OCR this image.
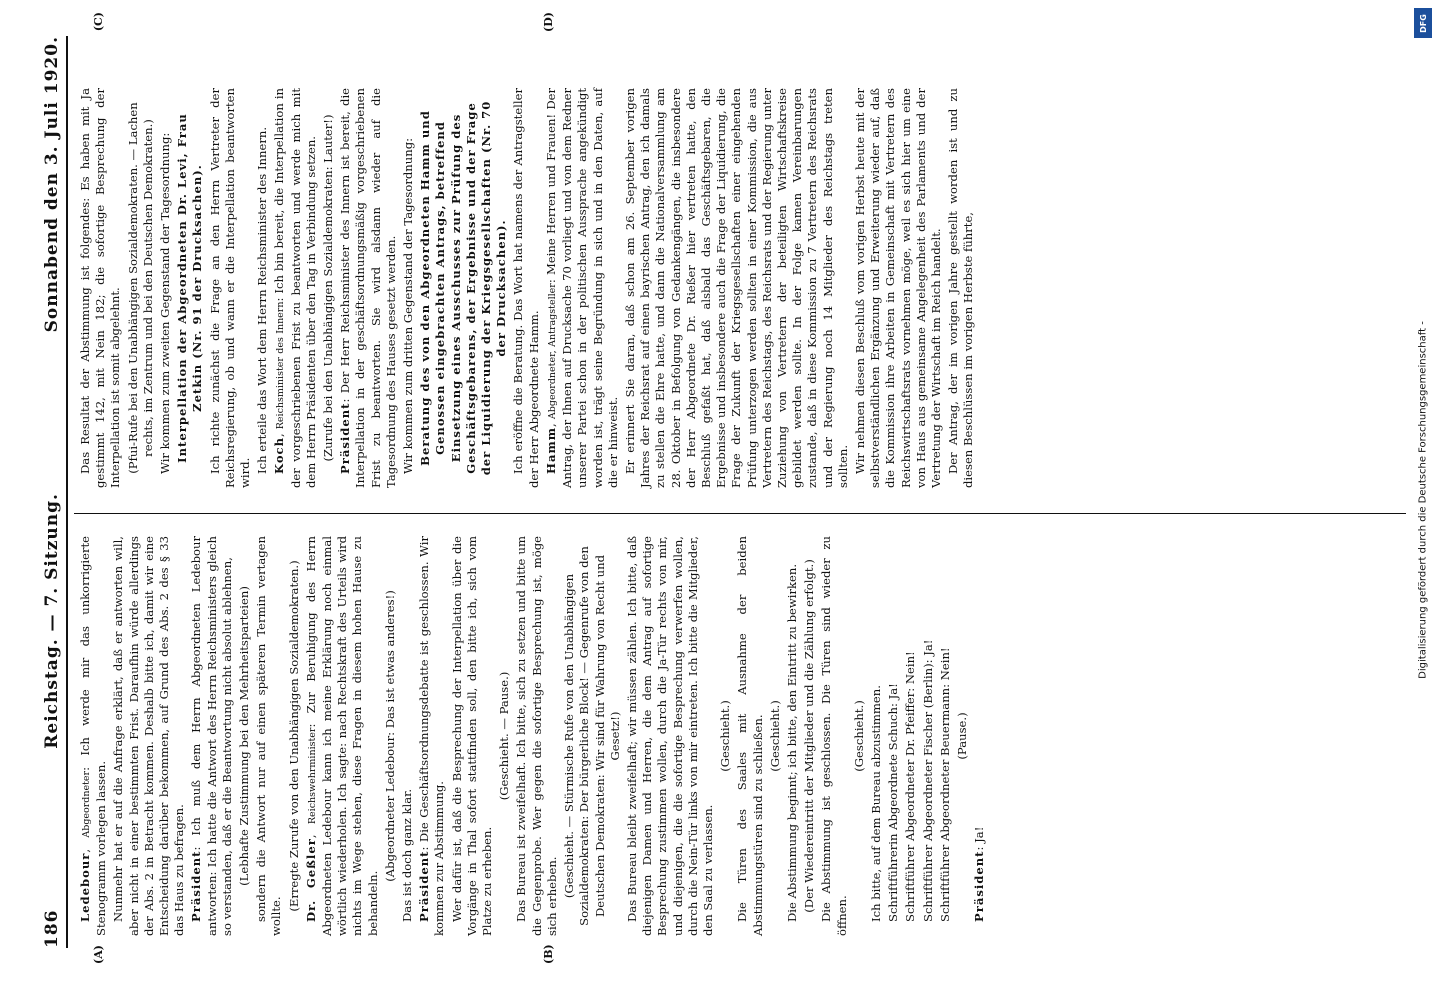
186
Reichstag. — 7. Sitzung.
Sonnabend den 3. Juli 1920.
(A)	(B)
(C)	(D)

Ledebour, Abgeordneter: Ich werde mir das unkorrigierte Stenogramm vorlegen lassen. Nunmehr hat er auf die Anfrage erklärt, daß er antworten will, aber nicht in einer bestimmten Frist. Daraufhin würde allerdings der Abs. 2 in Betracht kommen. Deshalb bitte ich, damit wir eine Entscheidung darüber bekommen, auf Grund des Abs. 2 des § 33 das Haus zu befragen. Präsident: Ich muß dem Herrn Abgeordneten Ledebour antworten: Ich hatte die Antwort des Herrn Reichsministers gleich so verstanden, daß er die Beantwortung nicht absolut ablehnen, (Lebhafte Zustimmung bei den Mehrheitsparteien) sondern die Antwort nur auf einen späteren Termin vertagen wollte.

(Erregte Zurufe von den Unabhängigen Sozialdemokraten.) Dr. Geßler, Reichswehrminister: Zur Beruhigung des Herrn Abgeordneten Ledebour kann ich meine Erklärung noch einmal wörtlich wiederholen. Ich sagte: nach Rechtskraft des Urteils wird nichts im Wege stehen, diese Fragen in diesem hohen Hause zu behandeln.

(Abgeordneter Ledebour: Das ist etwas anderes!) Das ist doch ganz klar. Präsident: Die Geschäftsordnungsdebatte ist geschlossen. Wir kommen zur Abstimmung. Wer dafür ist, daß die Besprechung der Interpellation über die Vorgänge in Thal sofort stattfinden soll, den bitte ich, sich vom Platze zu erheben.

(Geschieht. — Pause.) Das Bureau ist zweifelhaft. Ich bitte, sich zu setzen und bitte um die Gegenprobe. Wer gegen die sofortige Besprechung ist, möge sich erheben. (Geschieht. — Stürmische Rufe von den Unabhängigen Sozialdemokraten: Der bürgerliche Block! — Gegenrufe von den Deutschen Demokraten: Wir sind für Wahrung von Recht und Gesetz!) Das Bureau bleibt zweifelhaft; wir müssen zählen. Ich bitte, daß diejenigen Damen und Herren, die dem Antrag auf sofortige Besprechung zustimmen wollen, durch die Ja-Tür rechts von mir, und diejenigen, die die sofortige Besprechung verwerfen wollen, durch die Nein-Tür links von mir eintreten. Ich bitte die Mitglieder, den Saal zu verlassen.

(Geschieht.) Die Türen des Saales mit Ausnahme der beiden Abstimmungstüren sind zu schließen. (Geschieht.) Die Abstimmung beginnt; ich bitte, den Eintritt zu bewirken. (Der Wiedereintritt der Mitglieder und die Zählung erfolgt.) Die Abstimmung ist geschlossen. Die Türen sind wieder zu öffnen.

(Geschieht.) Ich bitte, auf dem Bureau abzustimmen. Schriftführerin Abgeordnete Schuch: Ja! Schriftführer Abgeordneter Dr. Pfeiffer: Nein! Schriftführer Abgeordneter Fischer (Berlin): Ja! Schriftführer Abgeordneter Beuermann: Nein! (Pause.)

Präsident: Ja!

Das Resultat der Abstimmung ist folgendes: Es haben mit Ja gestimmt 142, mit Nein 182; die sofortige Besprechung der Interpellation ist somit abgelehnt. (Pfui-Rufe bei den Unabhängigen Sozialdemokraten. — Lachen rechts, im Zentrum und bei den Deutschen Demokraten.) Wir kommen zum zweiten Gegenstand der Tagesordnung: Interpellation der Abgeordneten Dr. Levi, Frau Zetkin (Nr. 91 der Drucksachen). Ich richte zunächst die Frage an den Herrn Vertreter der Reichsregierung, ob und wann er die Interpellation beantworten wird. Ich erteile das Wort dem Herrn Reichsminister des Innern. Koch, Reichsminister des Innern: Ich bin bereit, die Interpellation in der vorgeschriebenen Frist zu beantworten und werde mich mit dem Herrn Präsidenten über den Tag in Verbindung setzen. (Zurufe bei den Unabhängigen Sozialdemokraten: Lauter!) Präsident: Der Herr Reichsminister des Innern ist bereit, die Interpellation in der geschäftsordnungsmäßig vorgeschriebenen Frist zu beantworten. Sie wird alsdann wieder auf die Tagesordnung des Hauses gesetzt werden. Wir kommen zum dritten Gegenstand der Tagesordnung: Beratung des von den Abgeordneten Hamm und Genossen eingebrachten Antrags, betreffend Einsetzung eines Ausschusses zur Prüfung des Geschäftsgebarens, der Ergebnisse und der Frage der Liquidierung der Kriegsgesellschaften (Nr. 70 der Drucksachen). Ich eröffne die Beratung. Das Wort hat namens der Antragsteller der Herr Abgeordnete Hamm. Hamm, Abgeordneter, Antragsteller: Meine Herren und Frauen! Der Antrag, der Ihnen auf Drucksache 70 vorliegt und von dem Redner unserer Partei schon in der politischen Aussprache angekündigt worden ist, trägt seine Begründung in sich und in den Daten, auf die er hinweist. Er erinnert Sie daran, daß schon am 26. September vorigen Jahres der Reichsrat auf einen bayrischen Antrag, den ich damals zu stellen die Ehre hatte, und dann die Nationalversammlung am 28. Oktober in Befolgung von Gedankengängen, die insbesondere der Herr Abgeordnete Dr. Rießer hier vertreten hatte, den Beschluß gefaßt hat, daß alsbald das Geschäftsgebaren, die Ergebnisse und insbesondere auch die Frage der Liquidierung, die Frage der Zukunft der Kriegsgesellschaften einer eingehenden Prüfung unterzogen werden sollten in einer Kommission, die aus Vertretern des Reichstags, des Reichsrats und der Regierung unter Zuziehung von Vertretern der beteiligten Wirtschaftskreise gebildet werden sollte. In der Folge kamen Vereinbarungen zustande, daß in diese Kommission zu 7 Vertretern des Reichsrats und der Regierung noch 14 Mitglieder des Reichstags treten sollten. Wir nehmen diesen Beschluß vom vorigen Herbst heute mit der selbstverständlichen Ergänzung und Erweiterung wieder auf, daß die Kommission ihre Arbeiten in Gemeinschaft mit Vertretern des Reichswirtschaftsrats vornehmen möge, weil es sich hier um eine von Haus aus gemeinsame Angelegenheit des Parlaments und der Vertretung der Wirtschaft im Reich handelt. Der Antrag, der im vorigen Jahre gestellt worden ist und zu diesen Beschlüssen im vorigen Herbste führte,

DFG
Digitalisierung gefördert durch die Deutsche Forschungsgemeinschaft -
